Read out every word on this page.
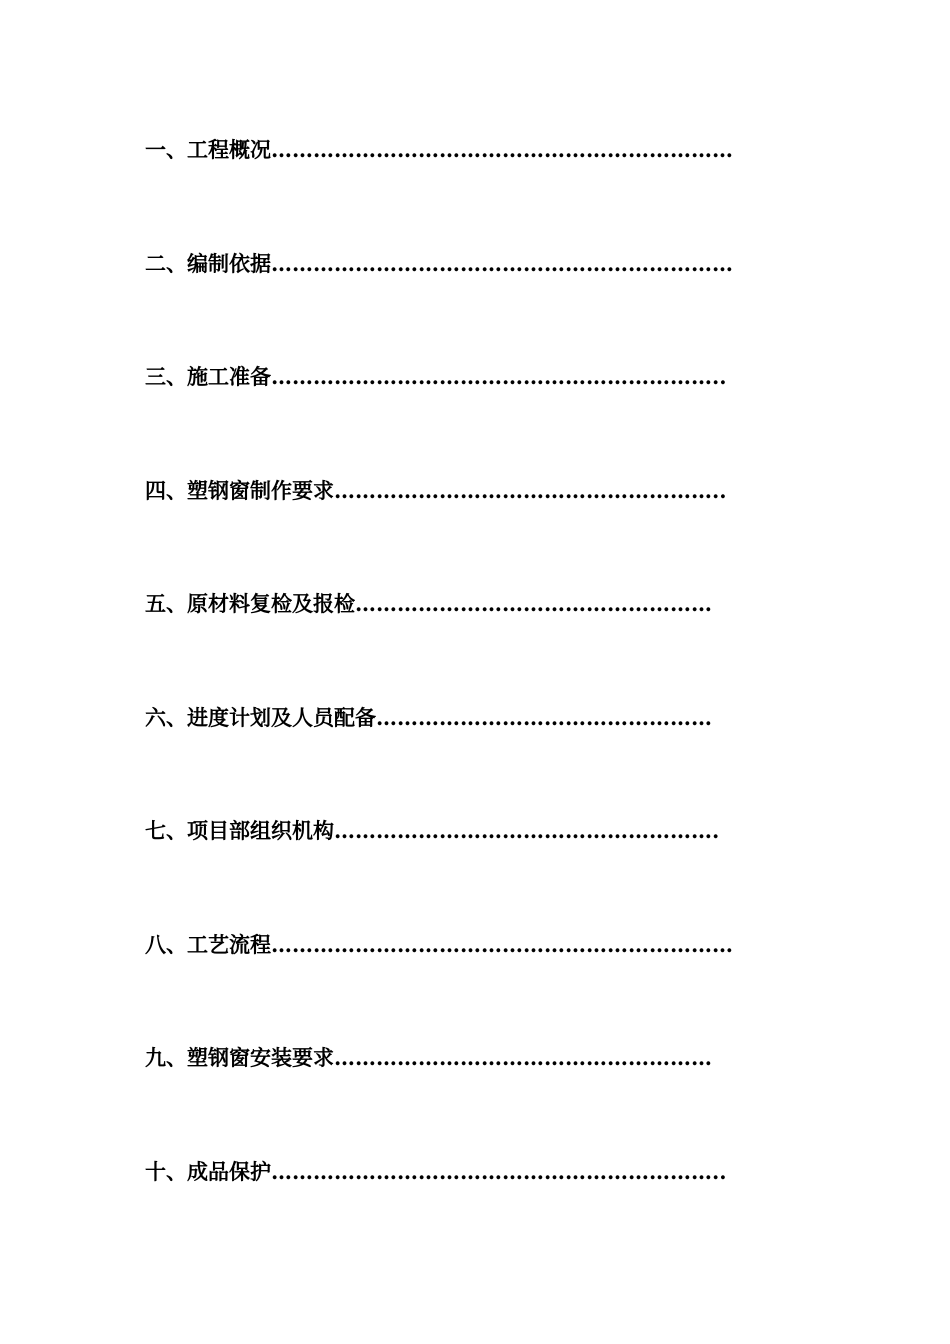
一、工程概况…………………………………………………………
二、编制依据…………………………………………………………
三、施工准备………………………………………………………..
四、塑钢窗制作要求………………………………………………..
五、原材料复检及报检……………………………………………
六、进度计划及人员配备…………………………………………
七、项目部组织机构……………………………………………….
八、工艺流程…………………………………………………………
九、塑钢窗安装要求………………………………………………
十、成品保护………………………………………………………..
